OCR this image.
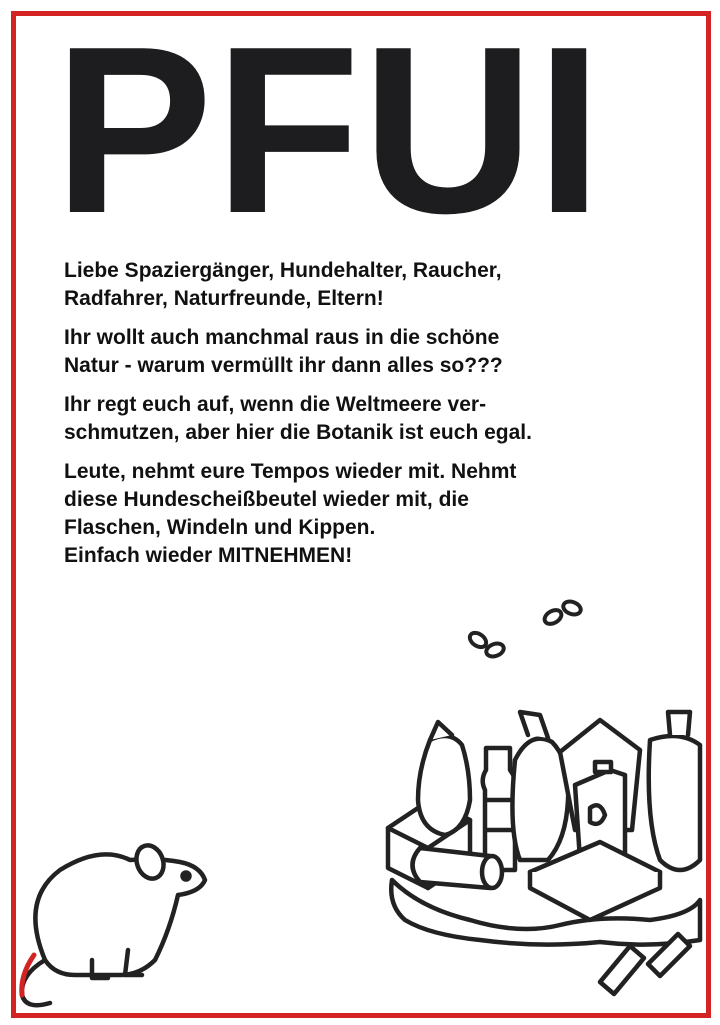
PFUI
Liebe Spaziergänger, Hundehalter, Raucher,
Radfahrer, Naturfreunde, Eltern!
Ihr wollt auch manchmal raus in die schöne
Natur - warum vermüllt ihr dann alles so???
Ihr regt euch auf, wenn die Weltmeere ver-
schmutzen, aber hier die Botanik ist euch egal.
Leute, nehmt eure Tempos wieder mit. Nehmt
diese Hundescheißbeutel wieder mit, die
Flaschen, Windeln und Kippen.
Einfach wieder MITNEHMEN!
